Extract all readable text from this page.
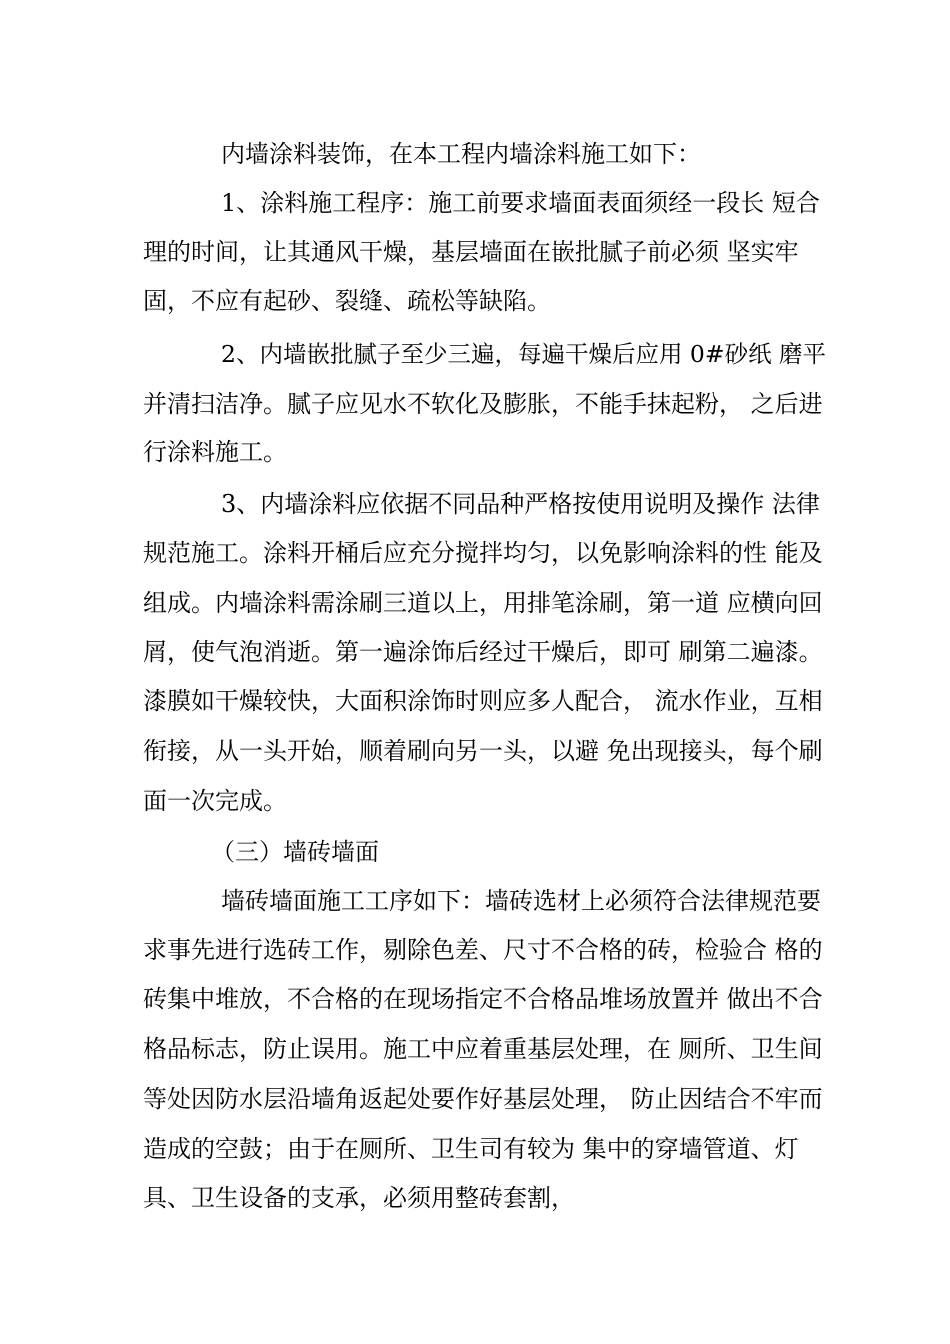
内墙涂料装饰，在本工程内墙涂料施工如下：

1、涂料施工程序：施工前要求墙面表面须经一段长 短合

理的时间，让其通风干燥，基层墙面在嵌批腻子前必须 坚实牢

固，不应有起砂、裂缝、疏松等缺陷。

2、内墙嵌批腻子至少三遍，每遍干燥后应用 0#砂纸 磨平

并清扫洁净。腻子应见水不软化及膨胀，不能手抹起粉， 之后进

行涂料施工。

3、内墙涂料应依据不同品种严格按使用说明及操作 法律

规范施工。涂料开桶后应充分搅拌均匀，以免影响涂料的性 能及

组成。内墙涂料需涂刷三道以上，用排笔涂刷，第一道 应横向回

屑，使气泡消逝。第一遍涂饰后经过干燥后，即可 刷第二遍漆。

漆膜如干燥较快，大面积涂饰时则应多人配合， 流水作业，互相

衔接，从一头开始，顺着刷向另一头，以避 免出现接头，每个刷

面一次完成。

（三）墙砖墙面

墙砖墙面施工工序如下：墙砖选材上必须符合法律规范要

求事先进行选砖工作，剔除色差、尺寸不合格的砖，检验合 格的

砖集中堆放，不合格的在现场指定不合格品堆场放置并 做出不合

格品标志，防止误用。施工中应着重基层处理，在 厕所、卫生间

等处因防水层沿墙角返起处要作好基层处理， 防止因结合不牢而

造成的空鼓；由于在厕所、卫生司有较为 集中的穿墙管道、灯

具、卫生设备的支承，必须用整砖套割，
